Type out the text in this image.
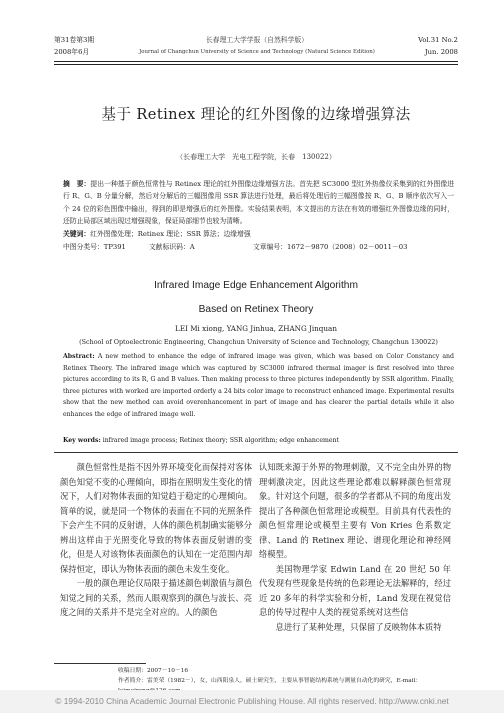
第31卷第3期
2008年6月
长春理工大学学报（自然科学版）
Journal of Changchun University of Science and Technology (Natural Science Edition)
Vol.31 No.2
Jun. 2008
基于 Retinex 理论的红外图像的边缘增强算法
（长春理工大学　光电工程学院，长春　130022）
摘　要：提出一种基于颜色恒常性与 Retinex 理论的红外图像边缘增强方法。首先把 SC3000 型红外热像仪采集到的红外图像进行 R、G、B 分量分解，然后对分解后的三幅图像用 SSR 算法进行处理，最后将处理后的三幅图像按 R、G、B 顺序依次写入一个 24 位的彩色图像中输出，得到的即是增强后的红外图像。实验结果表明，本文提出的方法在有效的增强红外图像边缘的同时，还防止局部区域出现过增强现象，保证局部细节也较为清晰。
关键词：红外图像处理；Retinex 理论；SSR 算法；边缘增强
中图分类号：TP391	文献标识码：A	文章编号：1672－9870（2008）02－0011－03
Infrared Image Edge Enhancement Algorithm
Based on Retinex Theory
LEI Mi xiong, YANG Jinhua, ZHANG Jinquan
(School of Optoelectronic Engineering, Changchun University of Science and Technology, Changchun 130022)
Abstract: A new method to enhance the edge of infrared image was given, which was based on Color Constancy and Retinex Theory. The infrared image which was captured by SC3000 infrared thermal imager is first resolved into three pictures according to its R, G and B values. Then making process to three pictures independently by SSR algorithm. Finally, three pictures with worked are imported orderly a 24 bits color image to reconstruct enhanced image. Experimental results show that the new method can avoid overenhancement in part of image and has clearer the partial details while it also enhances the edge of infrared image well.
Key words: infrared image process; Retinex theory; SSR algorithm; edge enhancement

颜色恒常性是指不因外界环境变化而保持对客体颜色知觉不变的心理倾向，即指在照明发生变化的情况下，人们对物体表面的知觉趋于稳定的心理倾向。简单的说，就是同一个物体的表面在不同的光照条件下会产生不同的反射谱，人体的颜色机制确实能够分辨出这样由于光照变化导致的物体表面反射谱的变化，但是人对该物体表面颜色的认知在一定范围内却保持恒定，即认为物体表面的颜色未发生变化。

一般的颜色理论仅局限于描述颜色刺激值与颜色知觉之间的关系，然而人眼观察到的颜色与波长、亮度之间的关系并不是完全对应的。人的颜色

认知既来源于外界的物理刺激，又不完全由外界的物理刺激决定，因此这些理论都难以解释颜色恒常现象。针对这个问题，很多的学者都从不同的角度出发提出了各种颜色恒常理论或模型。目前具有代表性的颜色恒常理论或模型主要有 Von Kries 色系数定律、Land 的 Retinex 理论、谱现化理论和神经网络模型。

美国物理学家 Edwin Land 在 20 世纪 50 年代发现有些现象是传统的色彩理论无法解释的，经过近 20 多年的科学实验和分析，Land 发现在视觉信息的传导过程中人类的视觉系统对这些信

息进行了某种处理，只保留了反映物体本质特

收稿日期：2007－10－16
作者简介：雷美荣（1982－），女，山西阳泉人，硕士研究生，主要从事智能结构系统与测量自动化的研究，E-mail：
© 1994-2010 China Academic Journal Electronic Publishing House. All rights reserved. http://www.cnki.net
